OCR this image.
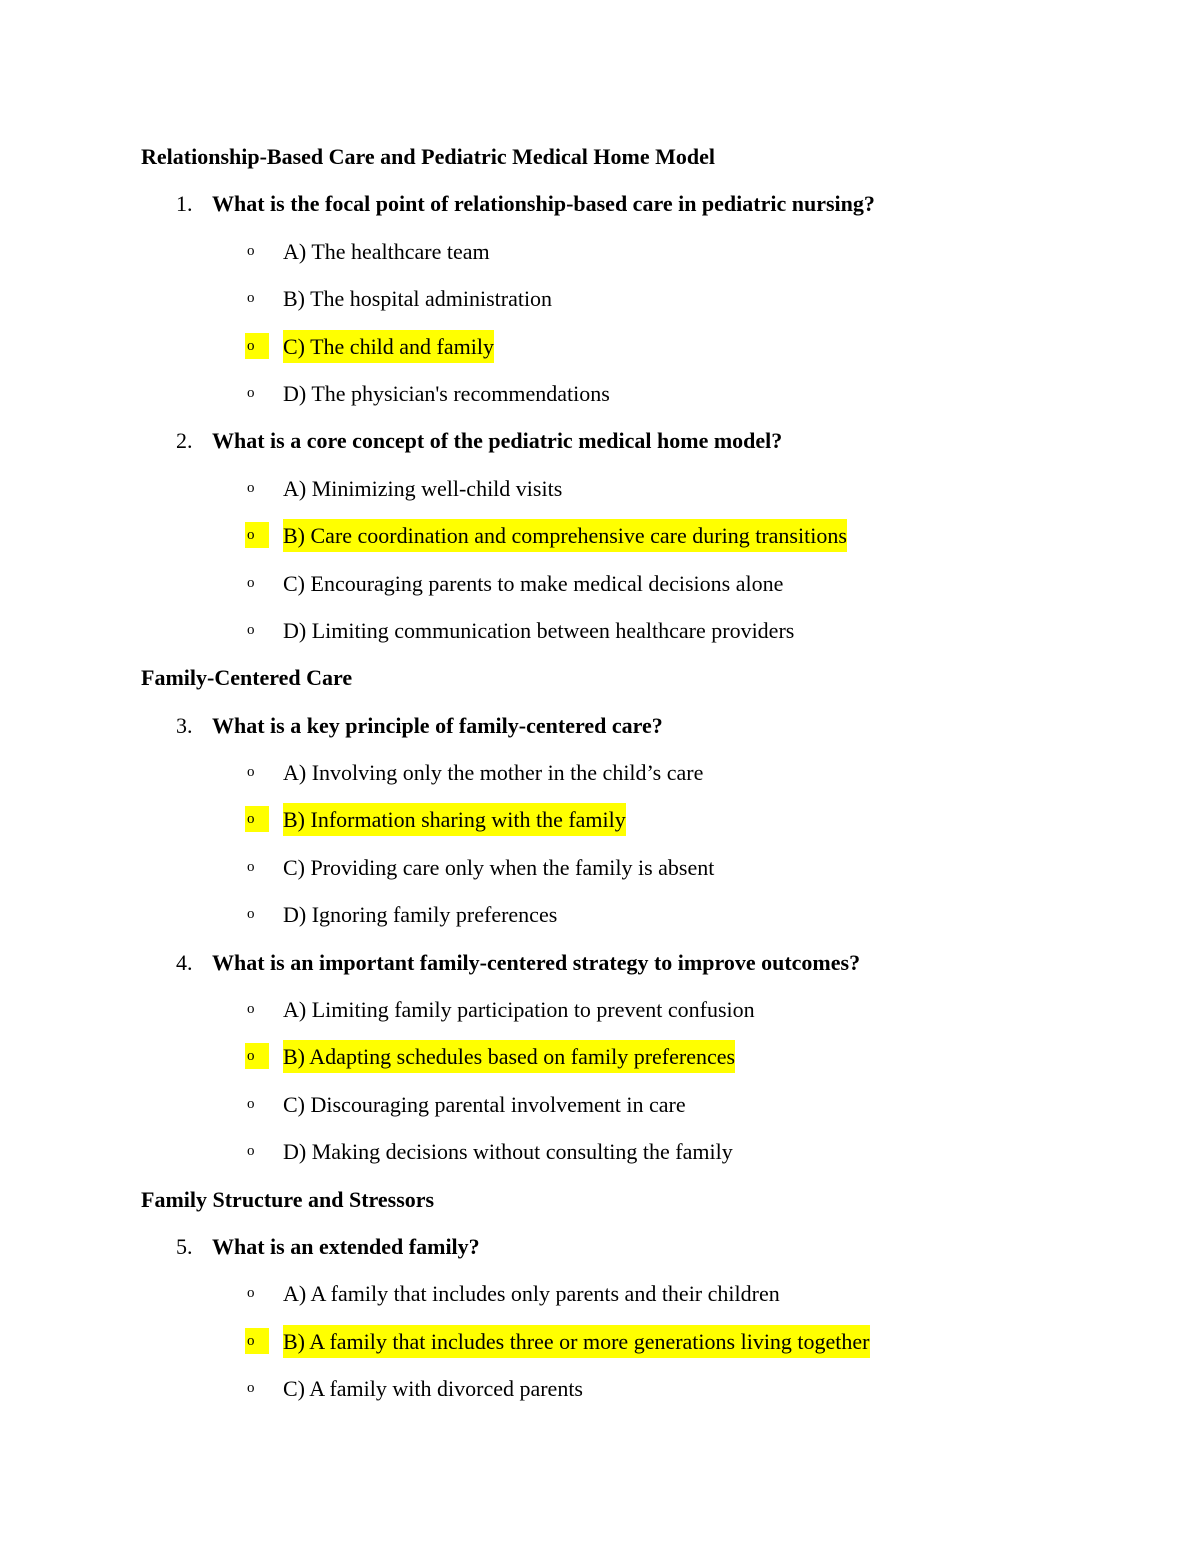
Relationship-Based Care and Pediatric Medical Home Model
1. What is the focal point of relationship-based care in pediatric nursing?
o	A) The healthcare team
o	B) The hospital administration
o	C) The child and family
o	D) The physician's recommendations
2. What is a core concept of the pediatric medical home model?
o	A) Minimizing well-child visits
o	B) Care coordination and comprehensive care during transitions
o	C) Encouraging parents to make medical decisions alone
o	D) Limiting communication between healthcare providers
Family-Centered Care
3. What is a key principle of family-centered care?
o	A) Involving only the mother in the child’s care
o	B) Information sharing with the family
o	C) Providing care only when the family is absent
o	D) Ignoring family preferences
4. What is an important family-centered strategy to improve outcomes?
o	A) Limiting family participation to prevent confusion
o	B) Adapting schedules based on family preferences
o	C) Discouraging parental involvement in care
o	D) Making decisions without consulting the family
Family Structure and Stressors
5. What is an extended family?
o	A) A family that includes only parents and their children
o	B) A family that includes three or more generations living together
o	C) A family with divorced parents
